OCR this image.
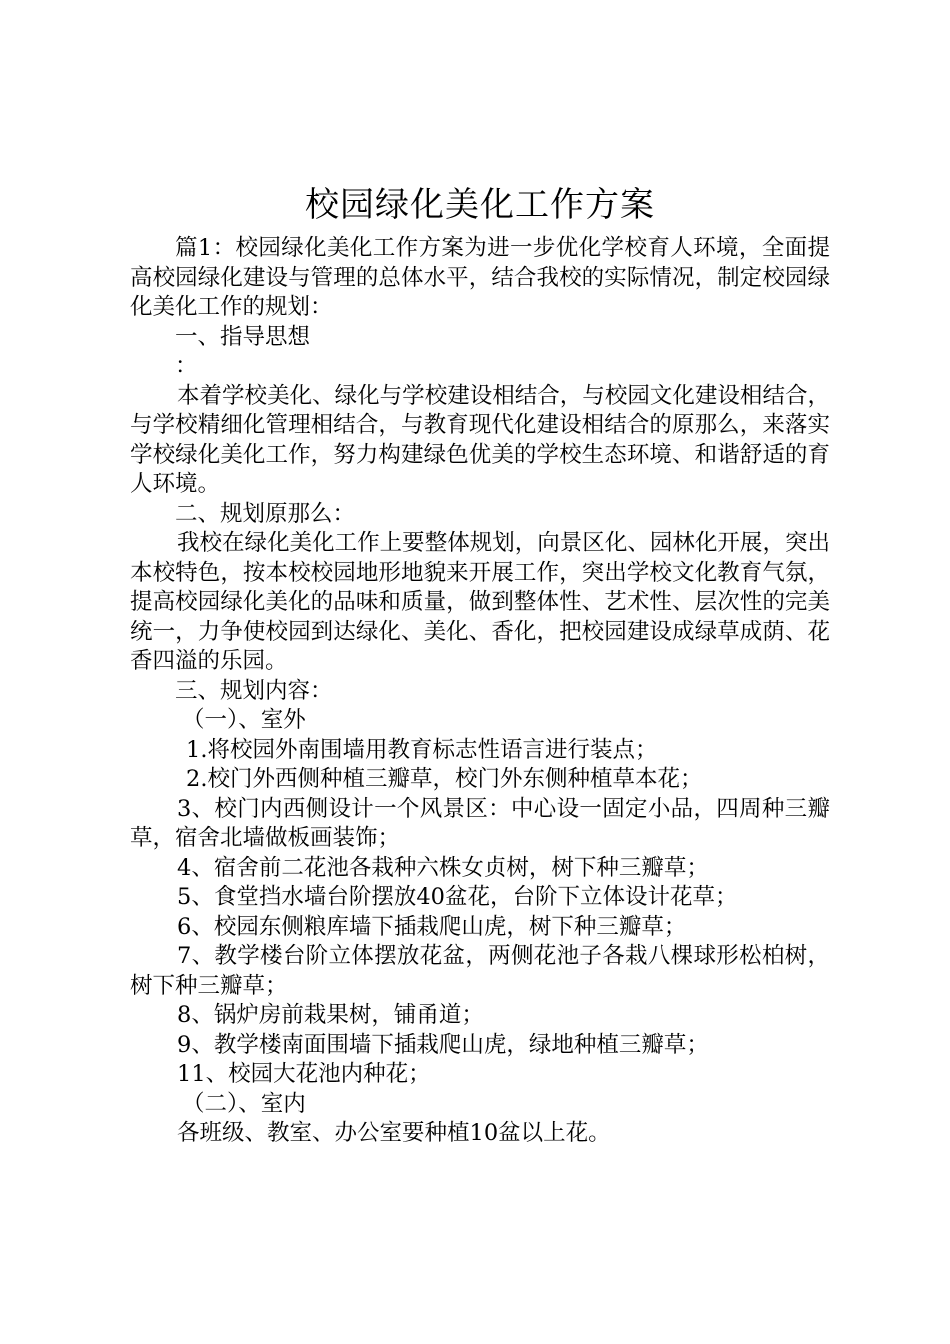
校园绿化美化工作方案

篇1：校园绿化美化工作方案为进一步优化学校育人环境，全面提高校园绿化建设与管理的总体水平，结合我校的实际情况，制定校园绿化美化工作的规划：

一、指导思想

：

本着学校美化、绿化与学校建设相结合，与校园文化建设相结合，与学校精细化管理相结合，与教育现代化建设相结合的原那么，来落实学校绿化美化工作，努力构建绿色优美的学校生态环境、和谐舒适的育人环境。

二、规划原那么：

我校在绿化美化工作上要整体规划，向景区化、园林化开展，突出本校特色，按本校校园地形地貌来开展工作，突出学校文化教育气氛，提高校园绿化美化的品味和质量，做到整体性、艺术性、层次性的完美统一，力争使校园到达绿化、美化、香化，把校园建设成绿草成荫、花香四溢的乐园。

三、规划内容：

（一）、室外

1.将校园外南围墙用教育标志性语言进行装点；

2.校门外西侧种植三瓣草，校门外东侧种植草本花；

3、校门内西侧设计一个风景区：中心设一固定小品，四周种三瓣草，宿舍北墙做板画装饰；

4、宿舍前二花池各栽种六株女贞树，树下种三瓣草；

5、食堂挡水墙台阶摆放40盆花，台阶下立体设计花草；

6、校园东侧粮库墙下插栽爬山虎，树下种三瓣草；

7、教学楼台阶立体摆放花盆，两侧花池子各栽八棵球形松柏树，树下种三瓣草；

8、锅炉房前栽果树，铺甬道；

9、教学楼南面围墙下插栽爬山虎，绿地种植三瓣草；

11、校园大花池内种花；

（二）、室内

各班级、教室、办公室要种植10盆以上花。
